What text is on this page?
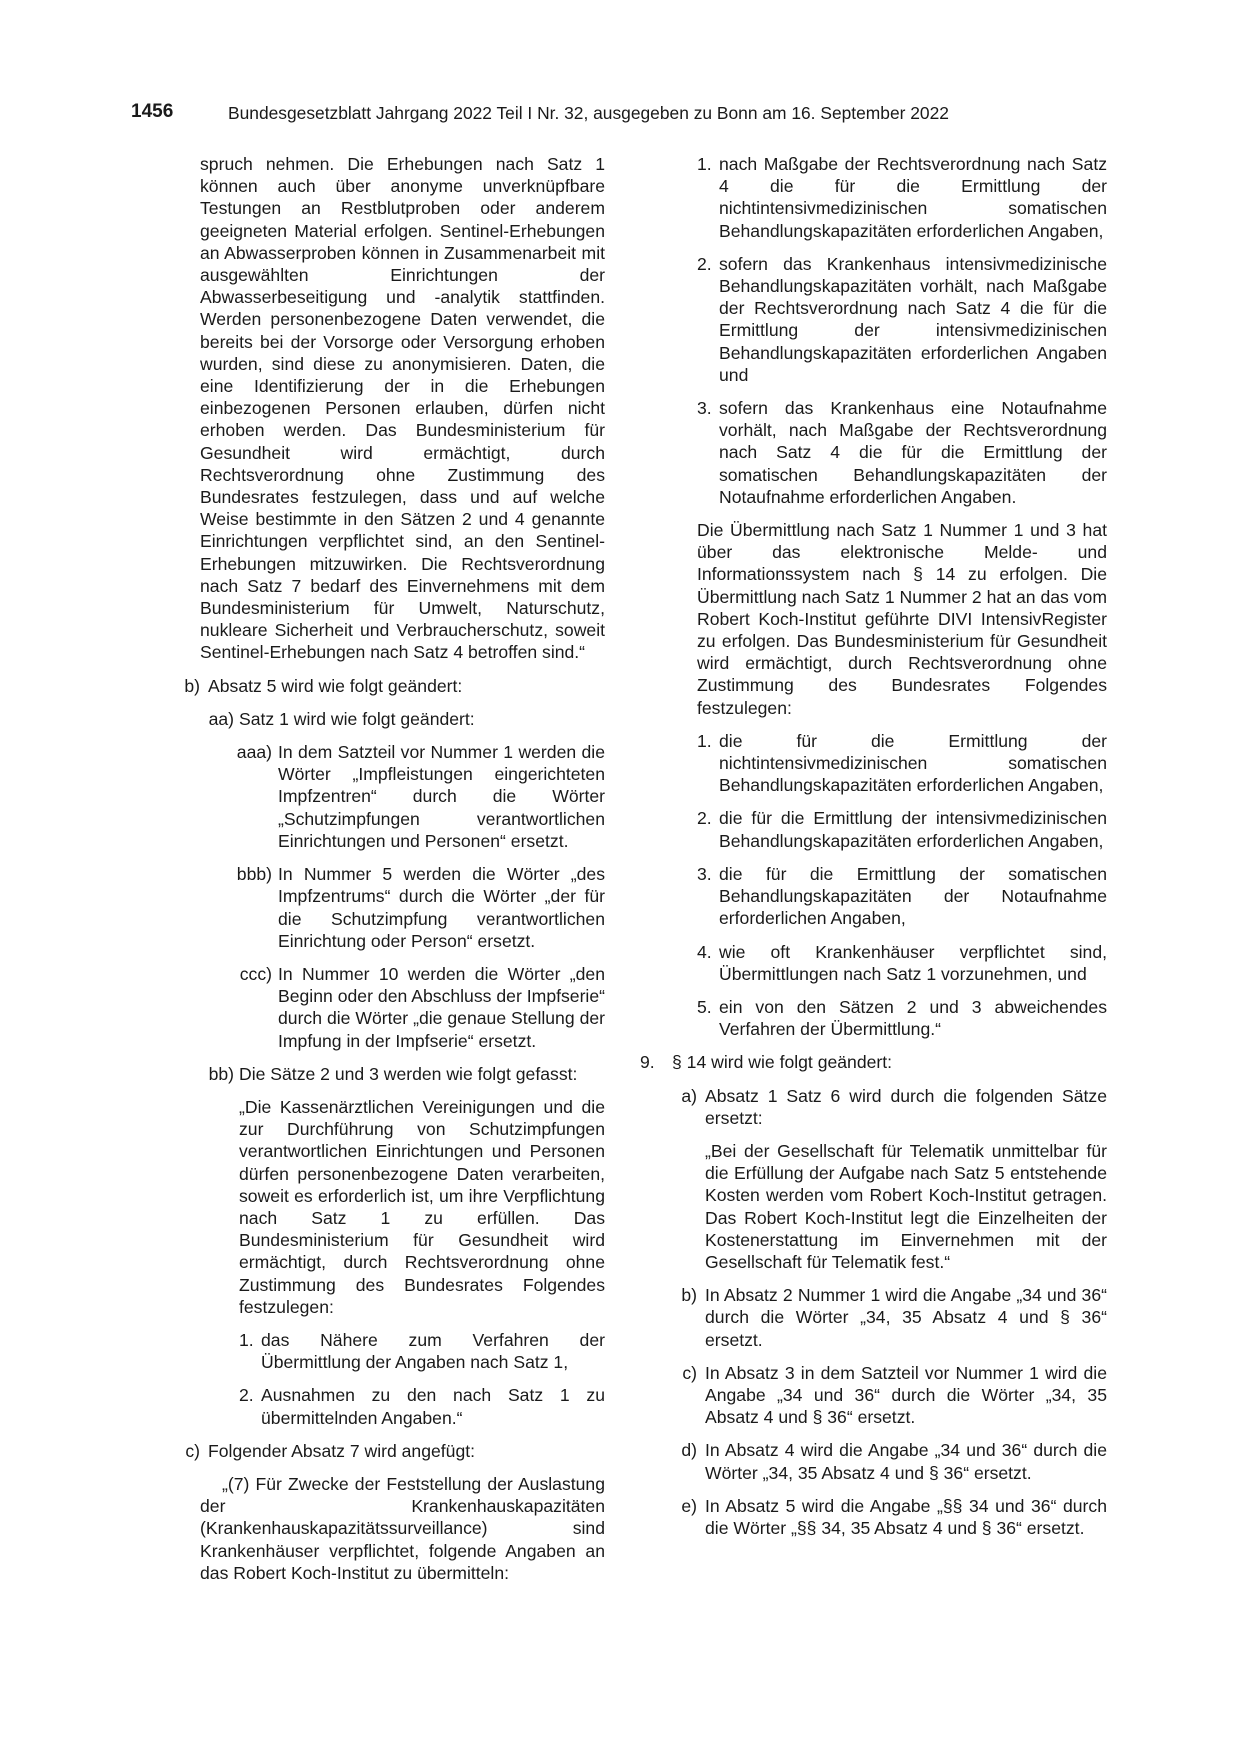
1456	Bundesgesetzblatt Jahrgang 2022 Teil I Nr. 32, ausgegeben zu Bonn am 16. September 2022

spruch nehmen. Die Erhebungen nach Satz 1 können auch über anonyme unverknüpfbare Testungen an Restblutproben oder anderem geeigneten Material erfolgen. Sentinel-Erhebungen an Abwasserproben können in Zusammenarbeit mit ausgewählten Einrichtungen der Abwasserbeseitigung und -analytik stattfinden. Werden personenbezogene Daten verwendet, die bereits bei der Vorsorge oder Versorgung erhoben wurden, sind diese zu anonymisieren. Daten, die eine Identifizierung der in die Erhebungen einbezogenen Personen erlauben, dürfen nicht erhoben werden. Das Bundesministerium für Gesundheit wird ermächtigt, durch Rechtsverordnung ohne Zustimmung des Bundesrates festzulegen, dass und auf welche Weise bestimmte in den Sätzen 2 und 4 genannte Einrichtungen verpflichtet sind, an den Sentinel-Erhebungen mitzuwirken. Die Rechtsverordnung nach Satz 7 bedarf des Einvernehmens mit dem Bundesministerium für Umwelt, Naturschutz, nukleare Sicherheit und Verbraucherschutz, soweit Sentinel-Erhebungen nach Satz 4 betroffen sind.“

b) Absatz 5 wird wie folgt geändert:
aa) Satz 1 wird wie folgt geändert:
aaa) In dem Satzteil vor Nummer 1 werden die Wörter „Impfleistungen eingerichteten Impfzentren“ durch die Wörter „Schutzimpfungen verantwortlichen Einrichtungen und Personen“ ersetzt.
bbb) In Nummer 5 werden die Wörter „des Impfzentrums“ durch die Wörter „der für die Schutzimpfung verantwortlichen Einrichtung oder Person“ ersetzt.
ccc) In Nummer 10 werden die Wörter „den Beginn oder den Abschluss der Impfserie“ durch die Wörter „die genaue Stellung der Impfung in der Impfserie“ ersetzt.
bb) Die Sätze 2 und 3 werden wie folgt gefasst:

„Die Kassenärztlichen Vereinigungen und die zur Durchführung von Schutzimpfungen verantwortlichen Einrichtungen und Personen dürfen personenbezogene Daten verarbeiten, soweit es erforderlich ist, um ihre Verpflichtung nach Satz 1 zu erfüllen. Das Bundesministerium für Gesundheit wird ermächtigt, durch Rechtsverordnung ohne Zustimmung des Bundesrates Folgendes festzulegen:

1. das Nähere zum Verfahren der Übermittlung der Angaben nach Satz 1,
2. Ausnahmen zu den nach Satz 1 zu übermittelnden Angaben.“
c) Folgender Absatz 7 wird angefügt:

„(7) Für Zwecke der Feststellung der Auslastung der Krankenhauskapazitäten (Krankenhauskapazitätssurveillance) sind Krankenhäuser verpflichtet, folgende Angaben an das Robert Koch-Institut zu übermitteln:

1. nach Maßgabe der Rechtsverordnung nach Satz 4 die für die Ermittlung der nichtintensivmedizinischen somatischen Behandlungskapazitäten erforderlichen Angaben,
2. sofern das Krankenhaus intensivmedizinische Behandlungskapazitäten vorhält, nach Maßgabe der Rechtsverordnung nach Satz 4 die für die Ermittlung der intensivmedizinischen Behandlungskapazitäten erforderlichen Angaben und
3. sofern das Krankenhaus eine Notaufnahme vorhält, nach Maßgabe der Rechtsverordnung nach Satz 4 die für die Ermittlung der somatischen Behandlungskapazitäten der Notaufnahme erforderlichen Angaben.

Die Übermittlung nach Satz 1 Nummer 1 und 3 hat über das elektronische Melde- und Informationssystem nach § 14 zu erfolgen. Die Übermittlung nach Satz 1 Nummer 2 hat an das vom Robert Koch-Institut geführte DIVI IntensivRegister zu erfolgen. Das Bundesministerium für Gesundheit wird ermächtigt, durch Rechtsverordnung ohne Zustimmung des Bundesrates Folgendes festzulegen:

1. die für die Ermittlung der nichtintensivmedizinischen somatischen Behandlungskapazitäten erforderlichen Angaben,
2. die für die Ermittlung der intensivmedizinischen Behandlungskapazitäten erforderlichen Angaben,
3. die für die Ermittlung der somatischen Behandlungskapazitäten der Notaufnahme erforderlichen Angaben,
4. wie oft Krankenhäuser verpflichtet sind, Übermittlungen nach Satz 1 vorzunehmen, und
5. ein von den Sätzen 2 und 3 abweichendes Verfahren der Übermittlung.“
9. § 14 wird wie folgt geändert:
a) Absatz 1 Satz 6 wird durch die folgenden Sätze ersetzt:

„Bei der Gesellschaft für Telematik unmittelbar für die Erfüllung der Aufgabe nach Satz 5 entstehende Kosten werden vom Robert Koch-Institut getragen. Das Robert Koch-Institut legt die Einzelheiten der Kostenerstattung im Einvernehmen mit der Gesellschaft für Telematik fest.“

b) In Absatz 2 Nummer 1 wird die Angabe „34 und 36“ durch die Wörter „34, 35 Absatz 4 und § 36“ ersetzt.
c) In Absatz 3 in dem Satzteil vor Nummer 1 wird die Angabe „34 und 36“ durch die Wörter „34, 35 Absatz 4 und § 36“ ersetzt.
d) In Absatz 4 wird die Angabe „34 und 36“ durch die Wörter „34, 35 Absatz 4 und § 36“ ersetzt.
e) In Absatz 5 wird die Angabe „§§ 34 und 36“ durch die Wörter „§§ 34, 35 Absatz 4 und § 36“ ersetzt.
